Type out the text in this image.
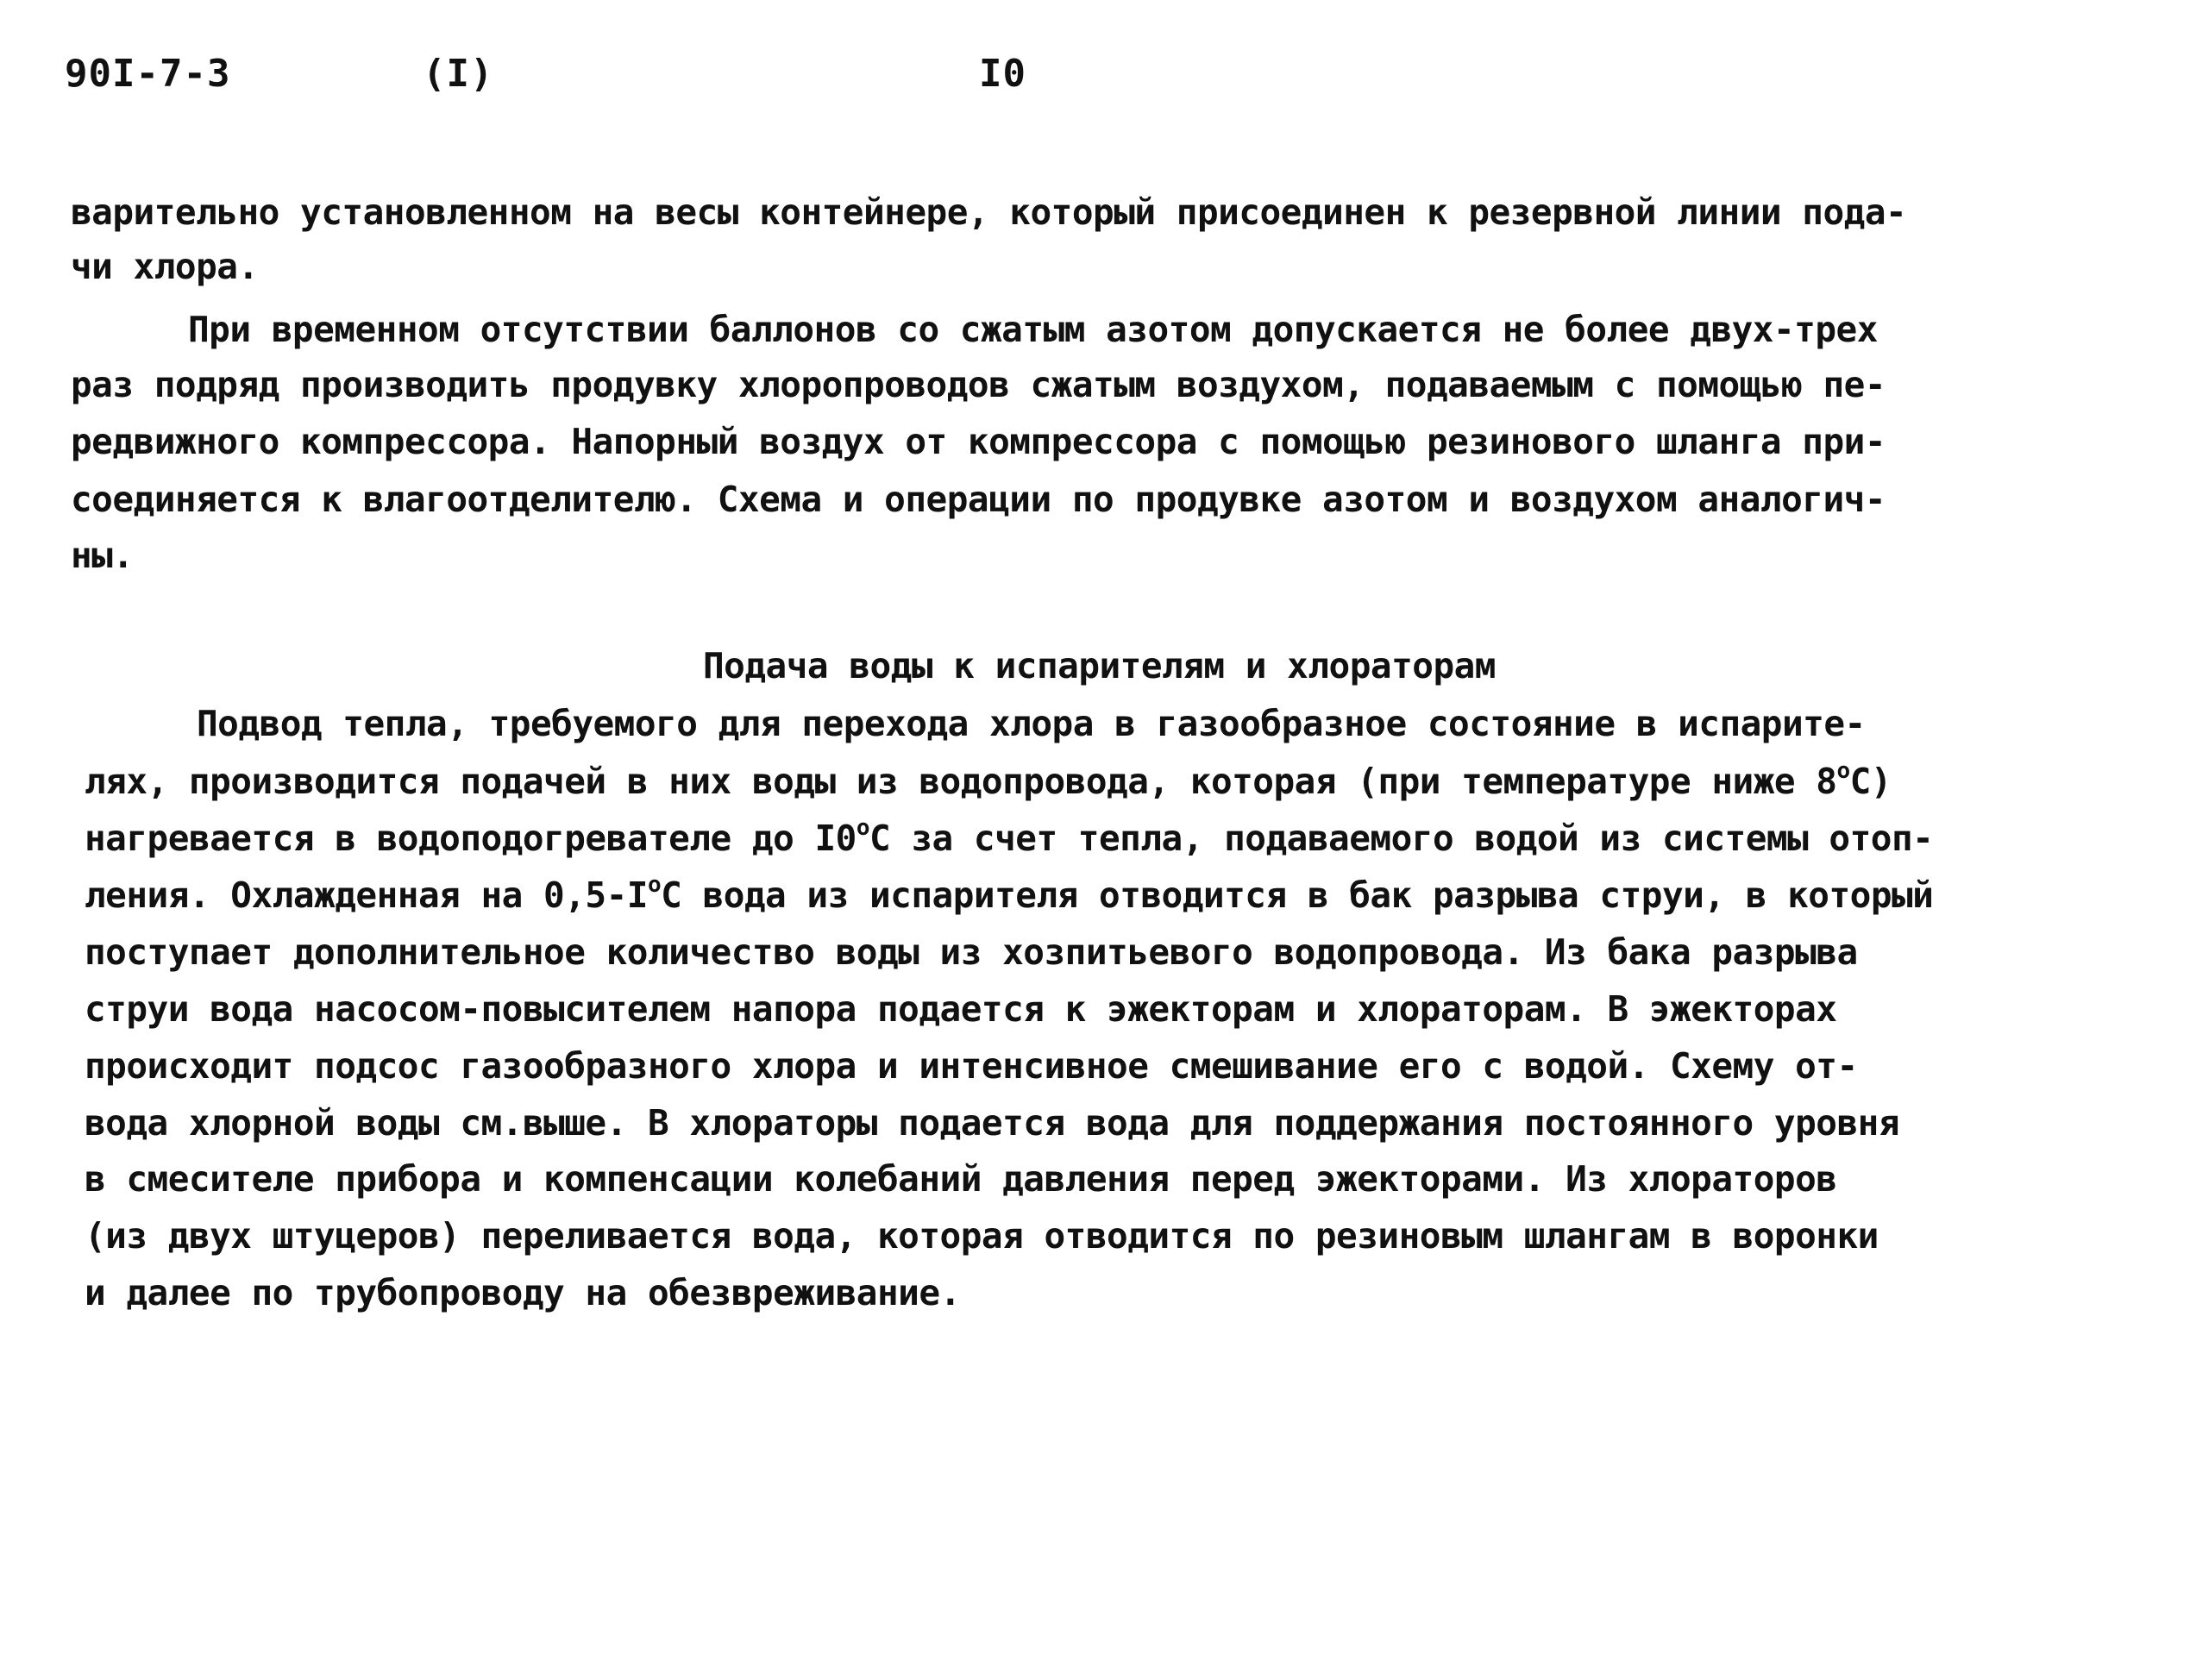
90I-7-3	(I)	I0
варительно установленном на весы контейнере, который присоединен к резервной линии пода-
чи хлора.
При временном отсутствии баллонов со сжатым азотом допускается не более двух-трех
раз подряд производить продувку хлоропроводов сжатым воздухом, подаваемым с помощью пе-
редвижного компрессора. Напорный воздух от компрессора с помощью резинового шланга при-
соединяется к влагоотделителю. Схема и операции по продувке азотом и воздухом аналогич-
ны.
Подача воды к испарителям и хлораторам
Подвод тепла, требуемого для перехода хлора в газообразное состояние в испарите-
лях, производится подачей в них воды из водопровода, которая (при температуре ниже $8^оС$)
нагревается в водоподогревателе до $I0^оС$ за счет тепла, подаваемого водой из системы отоп-
ления. Охлажденная на $0,5-I^оС$ вода из испарителя отводится в бак разрыва струи, в который
поступает дополнительное количество воды из хозпитьевого водопровода. Из бака разрыва
струи вода насосом-повысителем напора подается к эжекторам и хлораторам. В эжекторах
происходит подсос газообразного хлора и интенсивное смешивание его с водой. Схему от-
вода хлорной воды см.выше. В хлораторы подается вода для поддержания постоянного уровня
в смесителе прибора и компенсации колебаний давления перед эжекторами. Из хлораторов
(из двух штуцеров) переливается вода, которая отводится по резиновым шлангам в воронки
и далее по трубопроводу на обезвреживание.
